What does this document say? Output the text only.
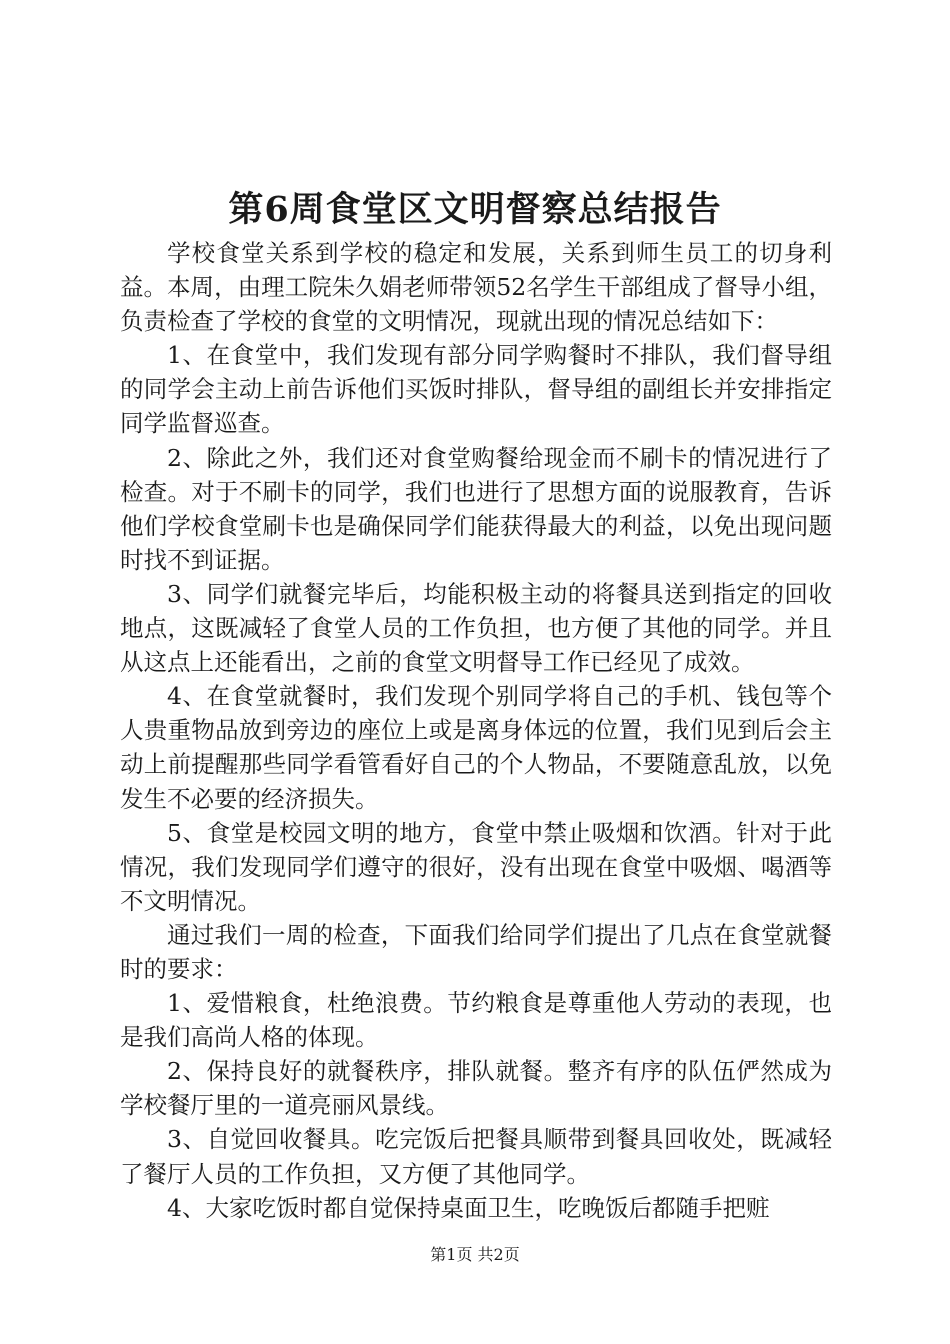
第6周食堂区文明督察总结报告

学校食堂关系到学校的稳定和发展，关系到师生员工的切身利益。本周，由理工院朱久娟老师带领52名学生干部组成了督导小组，负责检查了学校的食堂的文明情况，现就出现的情况总结如下：

1、在食堂中，我们发现有部分同学购餐时不排队，我们督导组的同学会主动上前告诉他们买饭时排队，督导组的副组长并安排指定同学监督巡查。

2、除此之外，我们还对食堂购餐给现金而不刷卡的情况进行了检查。对于不刷卡的同学，我们也进行了思想方面的说服教育，告诉他们学校食堂刷卡也是确保同学们能获得最大的利益，以免出现问题时找不到证据。

3、同学们就餐完毕后，均能积极主动的将餐具送到指定的回收地点，这既减轻了食堂人员的工作负担，也方便了其他的同学。并且从这点上还能看出，之前的食堂文明督导工作已经见了成效。

4、在食堂就餐时，我们发现个别同学将自己的手机、钱包等个人贵重物品放到旁边的座位上或是离身体远的位置，我们见到后会主动上前提醒那些同学看管看好自己的个人物品，不要随意乱放，以免发生不必要的经济损失。

5、食堂是校园文明的地方，食堂中禁止吸烟和饮酒。针对于此情况，我们发现同学们遵守的很好，没有出现在食堂中吸烟、喝酒等不文明情况。

通过我们一周的检查，下面我们给同学们提出了几点在食堂就餐时的要求：

1、爱惜粮食，杜绝浪费。节约粮食是尊重他人劳动的表现，也是我们高尚人格的体现。

2、保持良好的就餐秩序，排队就餐。整齐有序的队伍俨然成为学校餐厅里的一道亮丽风景线。

3、自觉回收餐具。吃完饭后把餐具顺带到餐具回收处，既减轻了餐厅人员的工作负担，又方便了其他同学。

4、大家吃饭时都自觉保持桌面卫生，吃晚饭后都随手把赃

第1页 共2页
